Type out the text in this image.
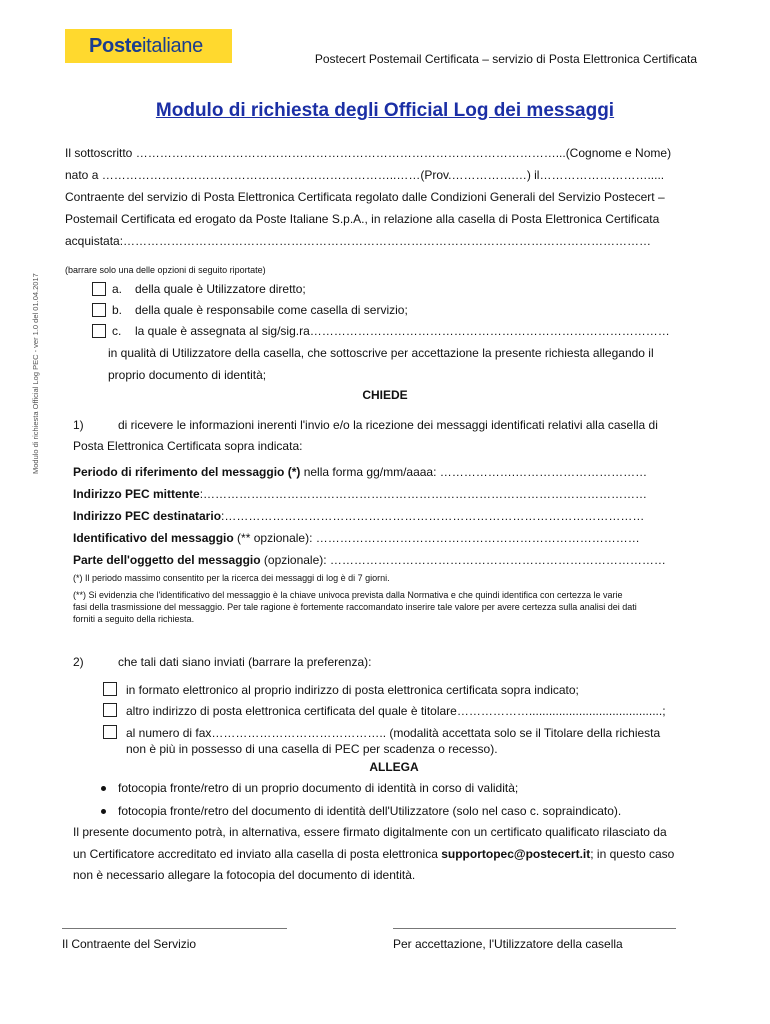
Posteitaliane
Postecert Postemail Certificata – servizio di Posta Elettronica Certificata
Modulo di richiesta degli Official Log dei messaggi
Modulo di richiesta Official Log PEC - ver 1.0 del 01.04.2017
Il sottoscritto ……………………………………………………………………………………………...(Cognome e Nome)
nato a ………………………………………………………………..……(Prov.…………….…) il……………………….....
Contraente del servizio di Posta Elettronica Certificata regolato dalle Condizioni Generali del Servizio Postecert –
Postemail Certificata ed erogato da Poste Italiane S.p.A., in relazione alla casella di Posta Elettronica Certificata
acquistata:……………………………………………………………………………………………………………………
(barrare solo una delle opzioni di seguito riportate)
a. della quale è Utilizzatore diretto;
b. della quale è responsabile come casella di servizio;
c. la quale è assegnata al sig/sig.ra………………………………………………………………………………
in qualità di Utilizzatore della casella, che sottoscrive per accettazione la presente richiesta allegando il
proprio documento di identità;
CHIEDE
1)	di ricevere le informazioni inerenti l'invio e/o la ricezione dei messaggi identificati relativi alla casella di
Posta Elettronica Certificata sopra indicata:
Periodo di riferimento del messaggio (*) nella forma gg/mm/aaaa: ……………….……………………………
Indirizzo PEC mittente:…………………………………………………………………………………………………
Indirizzo PEC destinatario:……………………………………………………………………………………………
Identificativo del messaggio (** opzionale): ………………………………………………………………………
Parte dell'oggetto del messaggio (opzionale): …………………………………………………………………………
(*) Il periodo massimo consentito per la ricerca dei messaggi di log è di 7 giorni.
(**) Si evidenzia che l'identificativo del messaggio è la chiave univoca prevista dalla Normativa e che quindi identifica con certezza le varie
fasi della trasmissione del messaggio. Per tale ragione è fortemente raccomandato inserire tale valore per avere certezza sulla analisi dei dati
forniti a seguito della richiesta.
2)	che tali dati siano inviati (barrare la preferenza):
in formato elettronico al proprio indirizzo di posta elettronica certificata sopra indicato;
altro indirizzo di posta elettronica certificata del quale è titolare………………........................................;
al numero di fax…………………………………….. (modalità accettata solo se il Titolare della richiesta
non è più in possesso di una casella di PEC per scadenza o recesso).
ALLEGA
fotocopia fronte/retro di un proprio documento di identità in corso di validità;
fotocopia fronte/retro del documento di identità dell'Utilizzatore (solo nel caso c. sopraindicato).
Il presente documento potrà, in alternativa, essere firmato digitalmente con un certificato qualificato rilasciato da
un Certificatore accreditato ed inviato alla casella di posta elettronica supportopec@postecert.it; in questo caso
non è necessario allegare la fotocopia del documento di identità.
Il Contraente del Servizio	Per accettazione, l'Utilizzatore della casella
